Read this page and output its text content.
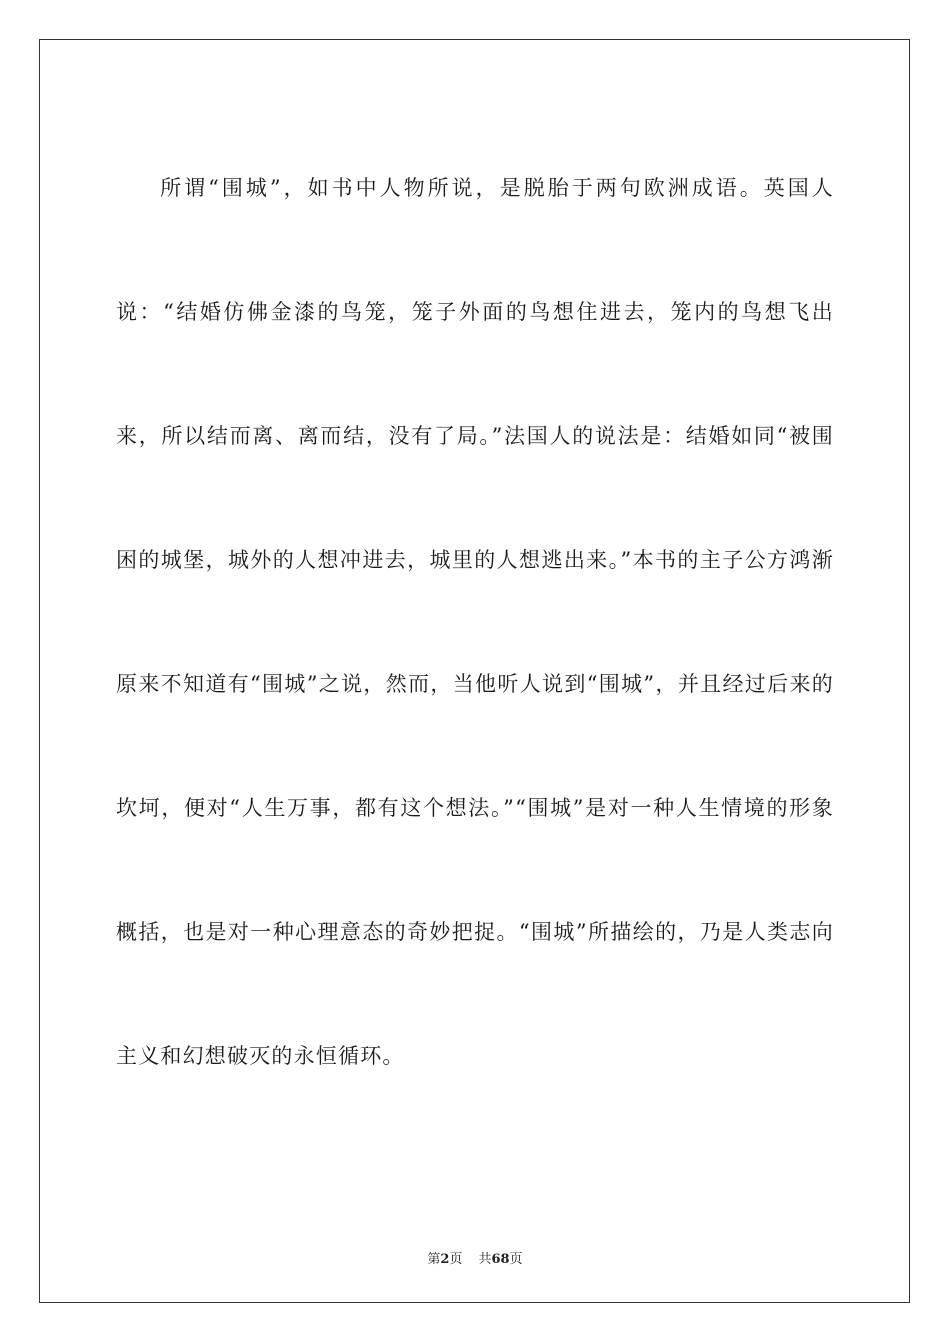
所谓“围城”，如书中人物所说，是脱胎于两句欧洲成语。英国人说：“结婚仿佛金漆的鸟笼，笼子外面的鸟想住进去，笼内的鸟想飞出来，所以结而离、离而结，没有了局。”法国人的说法是：结婚如同“被围困的城堡，城外的人想冲进去，城里的人想逃出来。”本书的主子公方鸿渐原来不知道有“围城”之说，然而，当他听人说到“围城”，并且经过后来的坎坷，便对“人生万事，都有这个想法。”“围城”是对一种人生情境的形象概括，也是对一种心理意态的奇妙把捉。“围城”所描绘的，乃是人类志向主义和幻想破灭的永恒循环。

第2页 共68页
